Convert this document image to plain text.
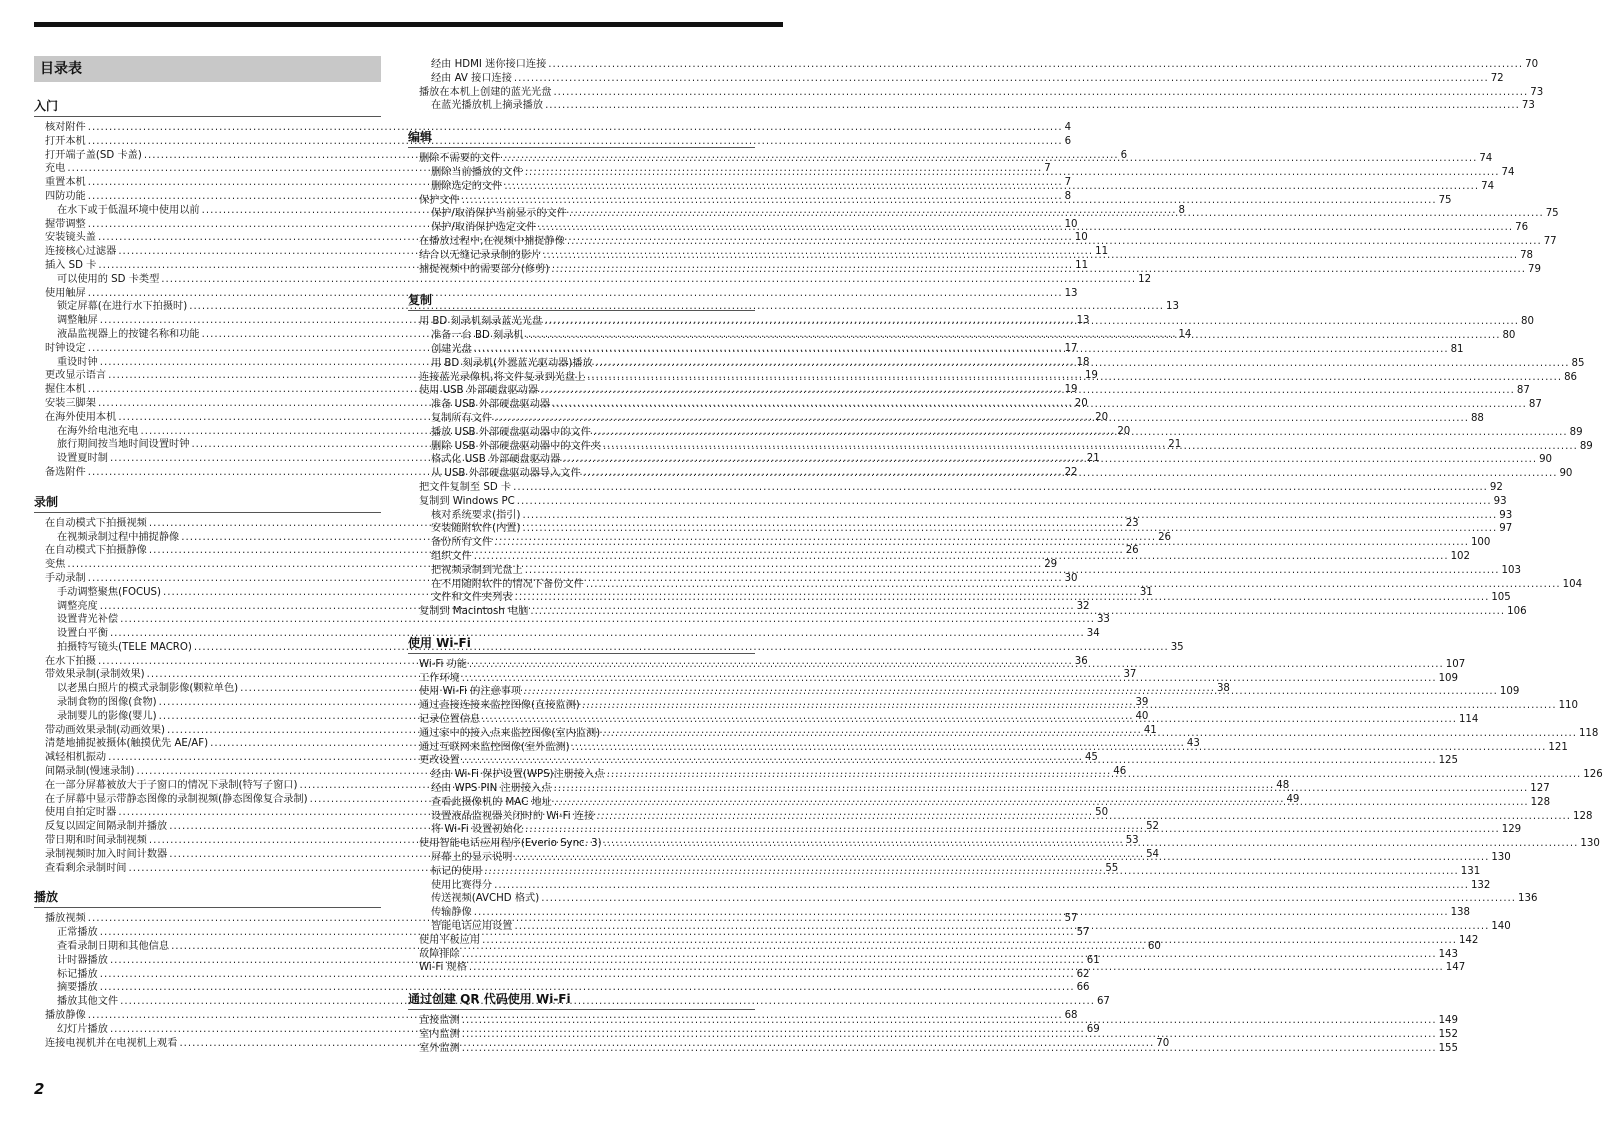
目录表
入门
核对附件 .....	4
打开本机 .....	6
打开端子盖(SD 卡盖) .....	6
充电 .....	7
重置本机 .....	7
四防功能 .....	8
在水下或于低温环境中使用以前 .....	8
握带调整 .....	10
安装镜头盖 .....	10
连接核心过滤器 .....	11
插入 SD 卡 .....	11
可以使用的 SD 卡类型 .....	12
使用触屏 .....	13
锁定屏幕(在进行水下拍摄时) .....	13
调整触屏 .....	13
液晶监视器上的按键名称和功能 .....	14
时钟设定 .....	17
重设时钟 .....	18
更改显示语言 .....	19
握住本机 .....	19
安装三脚架 .....	20
在海外使用本机 .....	20
在海外给电池充电 .....	20
旅行期间按当地时间设置时钟 .....	21
设置夏时制 .....	21
备选附件 .....	22
录制
在自动模式下拍摄视频 .....	23
在视频录制过程中捕捉静像 .....	26
在自动模式下拍摄静像 .....	26
变焦 .....	29
手动录制 .....	30
手动调整聚焦(FOCUS) .....	31
调整亮度 .....	32
设置背光补偿 .....	33
设置白平衡 .....	34
拍摄特写镜头(TELE MACRO) .....	35
在水下拍摄 .....	36
带效果录制(录制效果) .....	37
以老黑白照片的模式录制影像(颗粒单色) .....	38
录制食物的图像(食物) .....	39
录制婴儿的影像(婴儿) .....	40
带动画效果录制(动画效果) .....	41
清楚地捕捉被摄体(触摸优先 AE/AF) .....	43
减轻相机振动 .....	45
间隔录制(慢速录制) .....	46
在一部分屏幕被放大于子窗口的情况下录制(特写子窗口) .....	48
在子屏幕中显示带静态图像的录制视频(静态图像复合录制) .....	49
使用自拍定时器 .....	50
反复以固定间隔录制并播放 .....	52
带日期和时间录制视频 .....	53
录制视频时加入时间计数器 .....	54
查看剩余录制时间 .....	55
播放
播放视频 .....	57
正常播放 .....	57
查看录制日期和其他信息 .....	60
计时器播放 .....	61
标记播放 .....	62
摘要播放 .....	66
播放其他文件 .....	67
播放静像 .....	68
幻灯片播放 .....	69
连接电视机并在电视机上观看 .....	70
经由 HDMI 迷你接口连接 .....	70
经由 AV 接口连接 .....	72
播放在本机上创建的蓝光光盘 .....	73
在蓝光播放机上摘录播放 .....	73
编辑
删除不需要的文件 .....	74
删除当前播放的文件 .....	74
删除选定的文件 .....	74
保护文件 .....	75
保护/取消保护当前显示的文件 .....	75
保护/取消保护选定文件 .....	76
在播放过程中,在视频中捕捉静像 .....	77
结合以无缝记录录制的影片 .....	78
捕捉视频中的需要部分(修剪) .....	79
复制
用 BD 刻录机刻录蓝光光盘 .....	80
准备一台 BD 刻录机 .....	80
创建光盘 .....	81
用 BD 刻录机(外置蓝光驱动器)播放 .....	85
连接蓝光录像机,将文件复录到光盘上 .....	86
使用 USB 外部硬盘驱动器 .....	87
准备 USB 外部硬盘驱动器 .....	87
复制所有文件 .....	88
播放 USB 外部硬盘驱动器中的文件 .....	89
删除 USB 外部硬盘驱动器中的文件夹 .....	89
格式化 USB 外部硬盘驱动器 .....	90
从 USB 外部硬盘驱动器导入文件 .....	90
把文件复制至 SD 卡 .....	92
复制到 Windows PC .....	93
核对系统要求(指引) .....	93
安装随附软件(内置) .....	97
备份所有文件 .....	100
组织文件 .....	102
把视频录制到光盘上 .....	103
在不用随附软件的情况下备份文件 .....	104
文件和文件夹列表 .....	105
复制到 Macintosh 电脑 .....	106
使用 Wi-Fi
Wi-Fi 功能 .....	107
工作环境 .....	109
使用 Wi-Fi 的注意事项 .....	109
通过直接连接来监控图像(直接监测) .....	110
记录位置信息 .....	114
通过家中的接入点来监控图像(室内监测) .....	118
通过互联网来监控图像(室外监测) .....	121
更改设置 .....	125
经由 Wi-Fi 保护设置(WPS)注册接入点 .....	126
经由 WPS PIN 注册接入点 .....	127
查看此摄像机的 MAC 地址 .....	128
设置液晶监视器关闭时的 Wi-Fi 连接 .....	128
将 Wi-Fi 设置初始化 .....	129
使用智能电话应用程序(Everio Sync. 3) .....	130
屏幕上的显示说明 .....	130
标记的使用 .....	131
使用比赛得分 .....	132
传送视频(AVCHD 格式) .....	136
传输静像 .....	138
智能电话应用设置 .....	140
使用平板应用 .....	142
故障排除 .....	143
Wi-Fi 规格 .....	147
通过创建 QR 代码使用 Wi-Fi
直接监测 .....	149
室内监测 .....	152
室外监测 .....	155
2
